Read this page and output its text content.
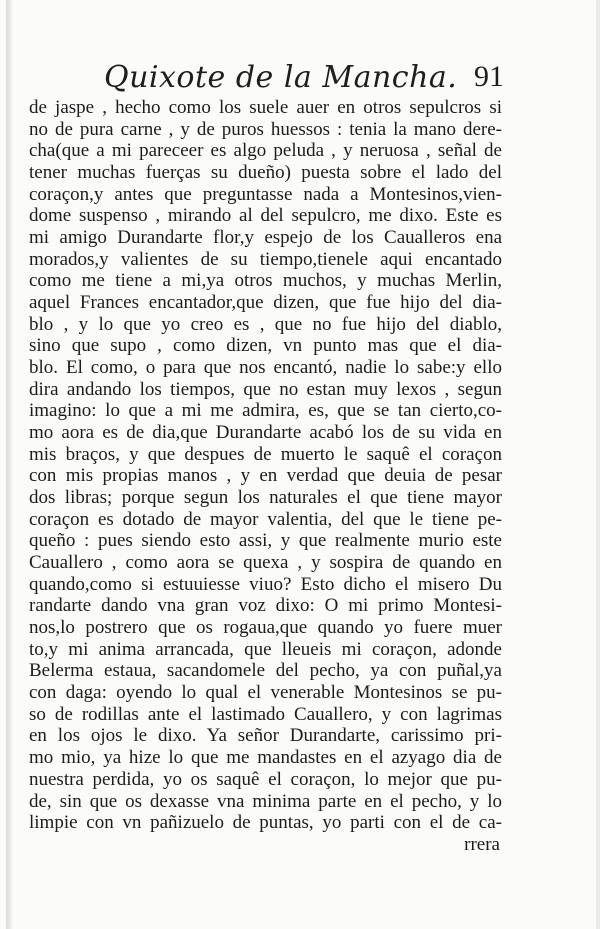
Quixote de la Mancha. 91
de jaspe , hecho como los suele auer en otros sepulcros si
no de pura carne , y de puros huessos : tenia la mano dere-
cha(que a mi pareceer es algo peluda , y neruosa , señal de
tener muchas fuerças su dueño) puesta sobre el lado del
coraçon,y antes que preguntasse nada a Montesinos,vien-
dome suspenso , mirando al del sepulcro, me dixo. Este es
mi amigo Durandarte flor,y espejo de los Caualleros ena
morados,y valientes de su tiempo,tienele aqui encantado
como me tiene a mi,ya otros muchos, y muchas Merlin,
aquel Frances encantador,que dizen, que fue hijo del dia-
blo , y lo que yo creo es , que no fue hijo del diablo,
sino que supo , como dizen, vn punto mas que el dia-
blo. El como, o para que nos encantó, nadie lo sabe:y ello
dira andando los tiempos, que no estan muy lexos , segun
imagino: lo que a mi me admira, es, que se tan cierto,co-
mo aora es de dia,que Durandarte acabó los de su vida en
mis braços, y que despues de muerto le saquê el coraçon
con mis propias manos , y en verdad que deuia de pesar
dos libras; porque segun los naturales el que tiene mayor
coraçon es dotado de mayor valentia, del que le tiene pe-
queño : pues siendo esto assi, y que realmente murio este
Cauallero , como aora se quexa , y sospira de quando en
quando,como si estuuiesse viuo? Esto dicho el misero Du
randarte dando vna gran voz dixo: O mi primo Montesi-
nos,lo postrero que os rogaua,que quando yo fuere muer
to,y mi anima arrancada, que lleueis mi coraçon, adonde
Belerma estaua, sacandomele del pecho, ya con puñal,ya
con daga: oyendo lo qual el venerable Montesinos se pu-
so de rodillas ante el lastimado Cauallero, y con lagrimas
en los ojos le dixo. Ya señor Durandarte, carissimo pri-
mo mio, ya hize lo que me mandastes en el azyago dia de
nuestra perdida, yo os saquê el coraçon, lo mejor que pu-
de, sin que os dexasse vna minima parte en el pecho, y lo
limpie con vn pañizuelo de puntas, yo parti con el de ca-
rrera
